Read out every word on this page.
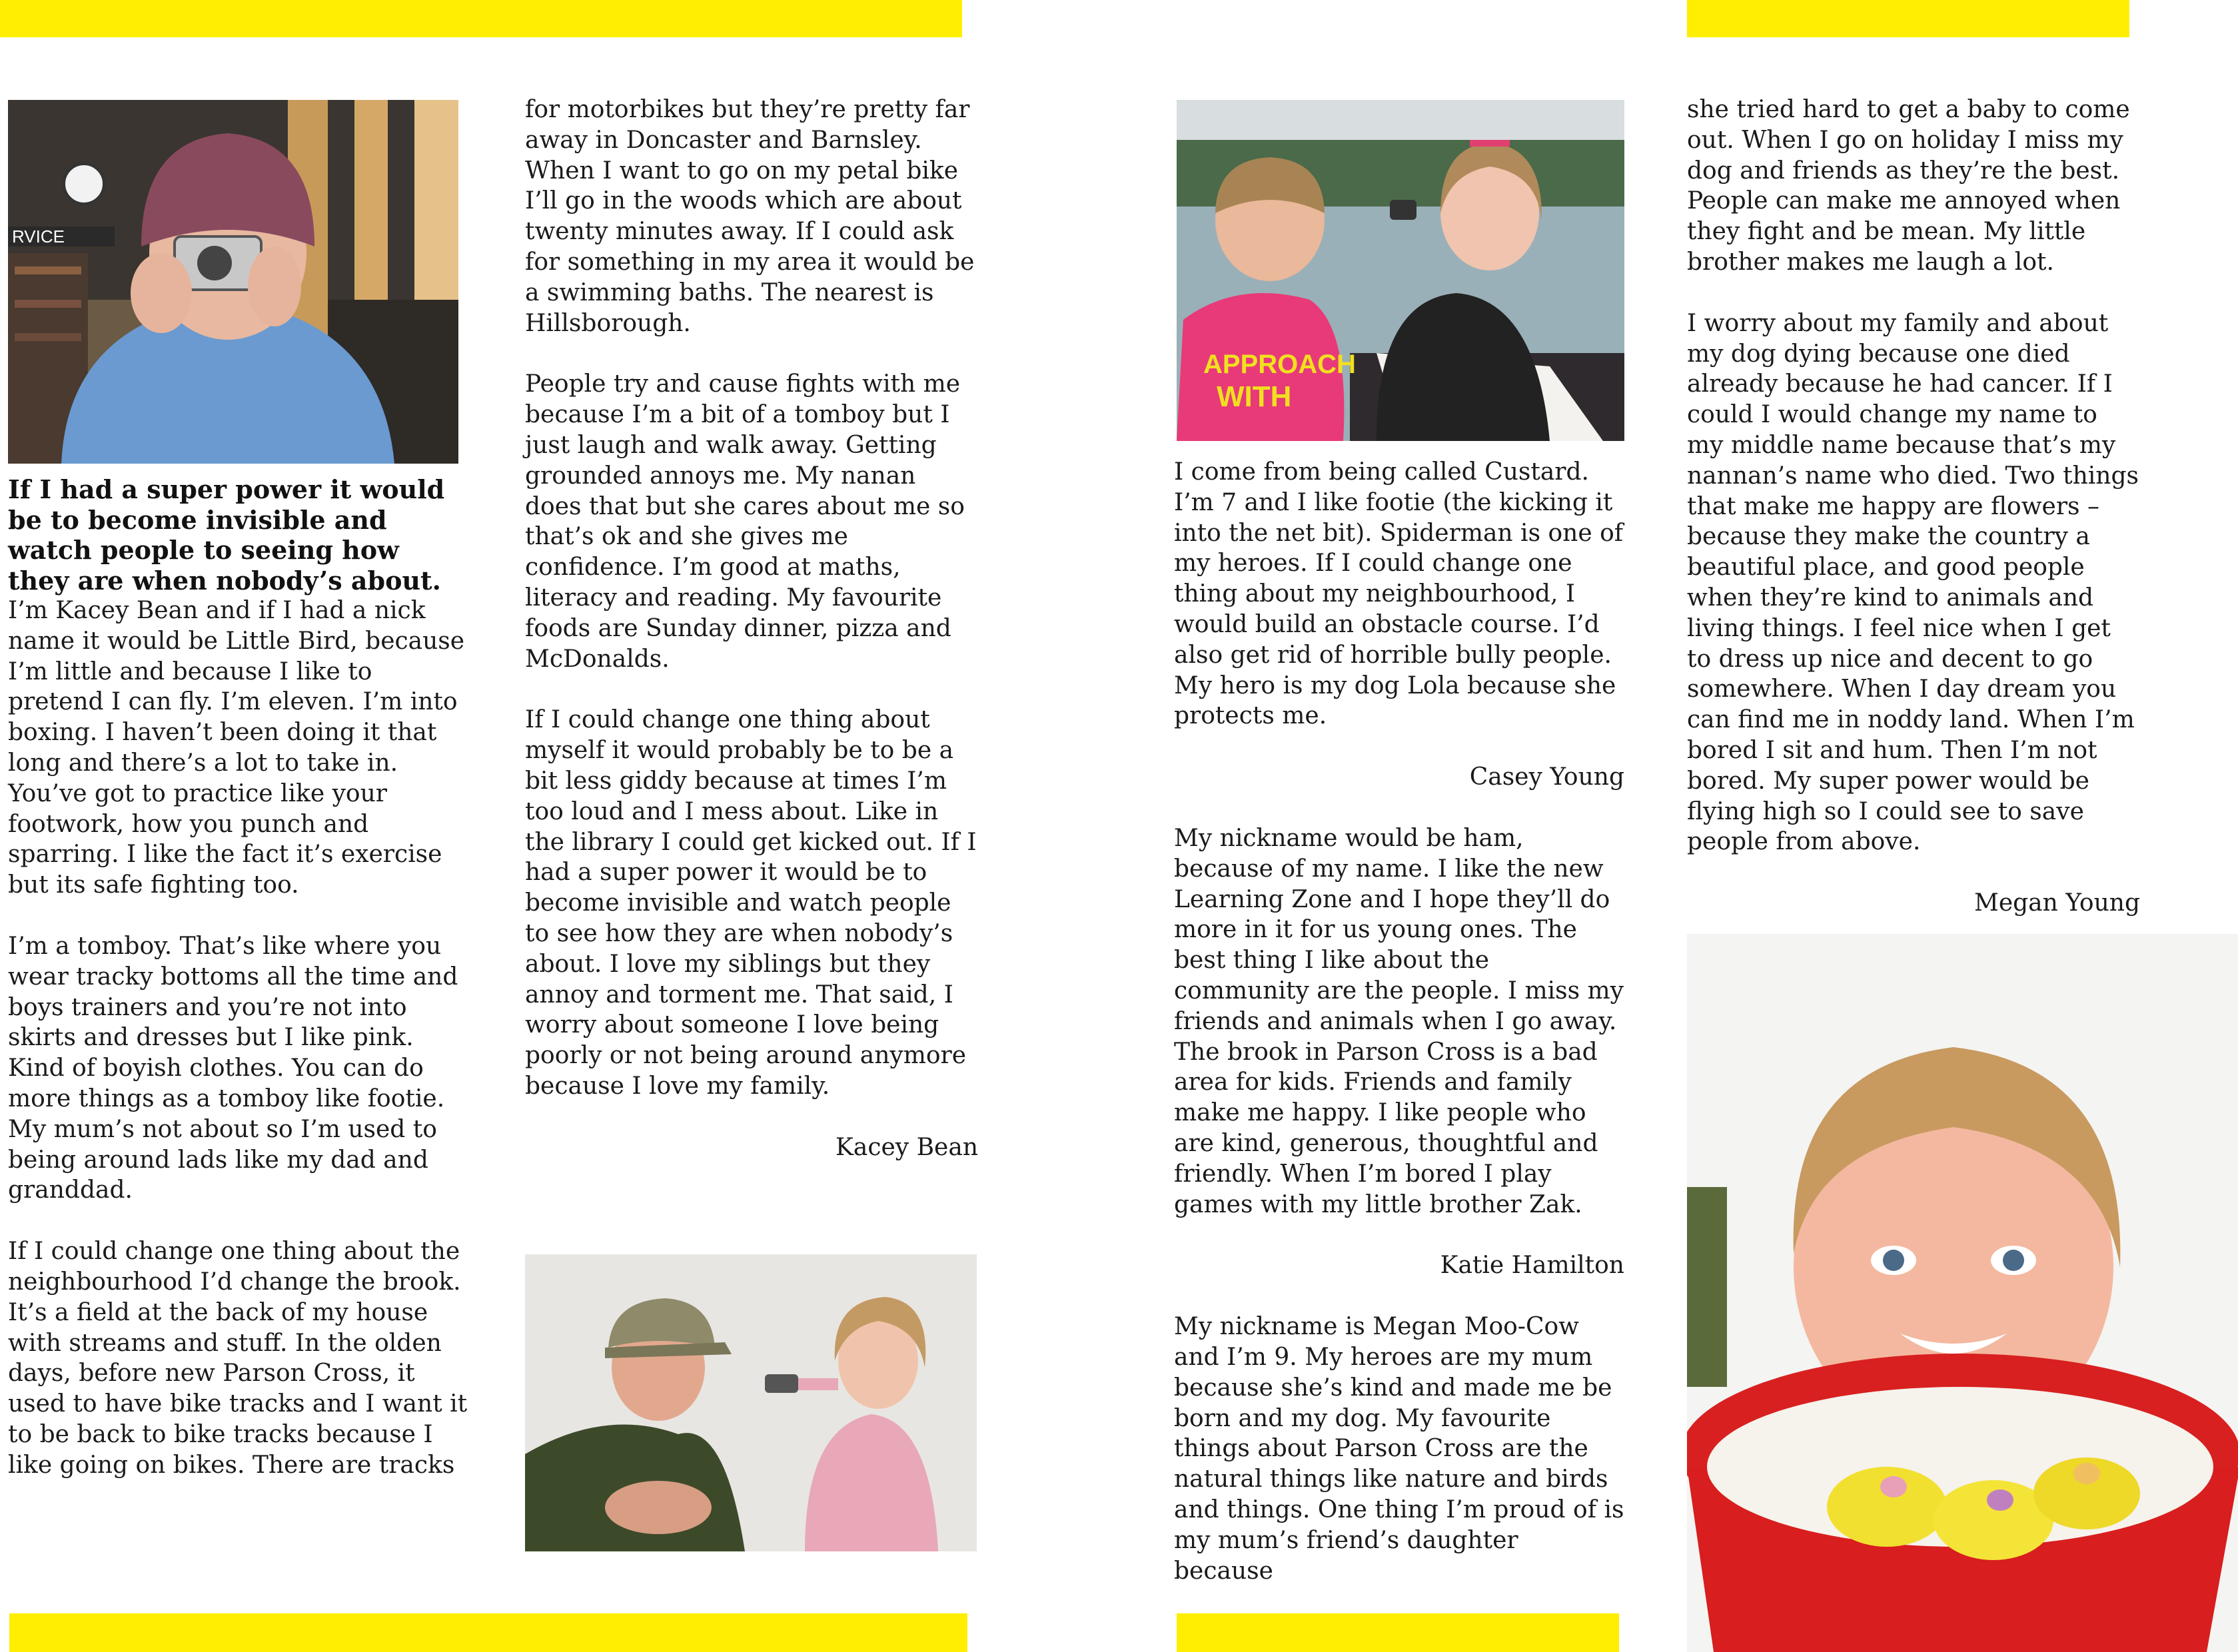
RVICE
APPROACH
WITH

If I had a super power it would be to become invisible and watch people to seeing how they are when nobody’s about.

I’m Kacey Bean and if I had a nick name it would be Little Bird, because I’m little and because I like to pretend I can fly. I’m eleven. I’m into boxing. I haven’t been doing it that long and there’s a lot to take in. You’ve got to practice like your footwork, how you punch and sparring. I like the fact it’s exercise but its safe fighting too.

I’m a tomboy. That’s like where you wear tracky bottoms all the time and boys trainers and you’re not into skirts and dresses but I like pink. Kind of boyish clothes. You can do more things as a tomboy like footie. My mum’s not about so I’m used to being around lads like my dad and granddad.

If I could change one thing about the neighbourhood I’d change the brook. It’s a field at the back of my house with streams and stuff. In the olden days, before new Parson Cross, it used to have bike tracks and I want it to be back to bike tracks because I like going on bikes. There are tracks

for motorbikes but they’re pretty far away in Doncaster and Barnsley. When I want to go on my petal bike I’ll go in the woods which are about twenty minutes away. If I could ask for something in my area it would be a swimming baths. The nearest is Hillsborough.

People try and cause fights with me because I’m a bit of a tomboy but I just laugh and walk away. Getting grounded annoys me. My nanan does that but she cares about me so that’s ok and she gives me confidence. I’m good at maths, literacy and reading. My favourite foods are Sunday dinner, pizza and McDonalds.

If I could change one thing about myself it would probably be to be a bit less giddy because at times I’m too loud and I mess about. Like in the library I could get kicked out. If I had a super power it would be to become invisible and watch people to see how they are when nobody’s about. I love my siblings but they annoy and torment me. That said, I worry about someone I love being poorly or not being around anymore because I love my family.

Kacey Bean

I come from being called Custard. I’m 7 and I like footie (the kicking it into the net bit). Spiderman is one of my heroes. If I could change one thing about my neighbourhood, I would build an obstacle course. I’d also get rid of horrible bully people. My hero is my dog Lola because she protects me.

Casey Young

My nickname would be ham, because of my name. I like the new Learning Zone and I hope they’ll do more in it for us young ones. The best thing I like about the community are the people. I miss my friends and animals when I go away. The brook in Parson Cross is a bad area for kids. Friends and family make me happy. I like people who are kind, generous, thoughtful and friendly. When I’m bored I play games with my little brother Zak.

Katie Hamilton

My nickname is Megan Moo-Cow and I’m 9. My heroes are my mum because she’s kind and made me be born and my dog. My favourite things about Parson Cross are the natural things like nature and birds and things. One thing I’m proud of is my mum’s friend’s daughter because

she tried hard to get a baby to come out. When I go on holiday I miss my dog and friends as they’re the best. People can make me annoyed when they fight and be mean. My little brother makes me laugh a lot.

I worry about my family and about my dog dying because one died already because he had cancer. If I could I would change my name to my middle name because that’s my nannan’s name who died. Two things that make me happy are flowers – because they make the country a beautiful place, and good people when they’re kind to animals and living things. I feel nice when I get to dress up nice and decent to go somewhere. When I day dream you can find me in noddy land. When I’m bored I sit and hum. Then I’m not bored. My super power would be flying high so I could see to save people from above.

Megan Young
